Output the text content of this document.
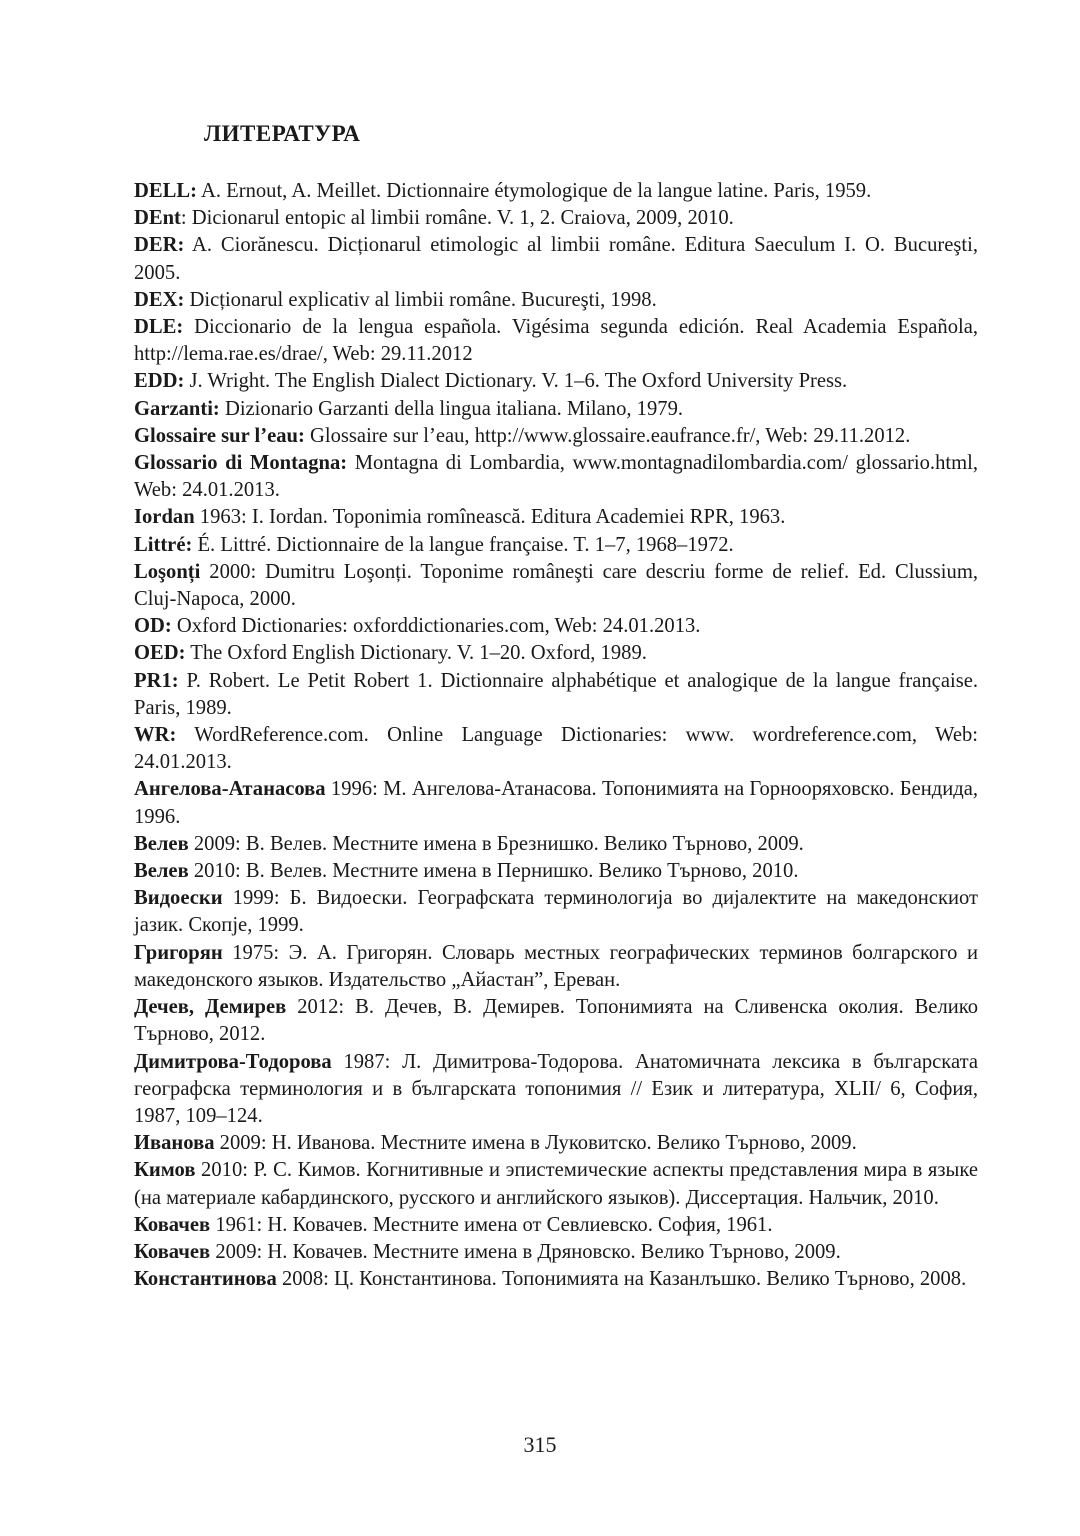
ЛИТЕРАТУРА
DELL: A. Ernout, A. Meillet. Dictionnaire étymologique de la langue latine. Paris, 1959.
DEnt: Dicionarul entopic al limbii române. V. 1, 2. Craiova, 2009, 2010.
DER: A. Ciorănescu. Dicționarul etimologic al limbii române. Editura Saeculum I. O. Bucureşti, 2005.
DEX: Dicționarul explicativ al limbii române. Bucureşti, 1998.
DLE: Diccionario de la lengua española. Vigésima segunda edición. Real Academia Española, http://lema.rae.es/drae/, Web: 29.11.2012
EDD: J. Wright. The English Dialect Dictionary. V. 1–6. The Oxford University Press.
Garzanti: Dizionario Garzanti della lingua italiana. Milano, 1979.
Glossaire sur l’eau: Glossaire sur l’eau, http://www.glossaire.eaufrance.fr/, Web: 29.11.2012.
Glossario di Montagna: Montagna di Lombardia, www.montagnadilombardia.com/ glossario.html, Web: 24.01.2013.
Iordan 1963: I. Iordan. Toponimia romînească. Editura Academiei RPR, 1963.
Littré: É. Littré. Dictionnaire de la langue française. T. 1–7, 1968–1972.
Loşonți 2000: Dumitru Loşonți. Toponime româneşti care descriu forme de relief. Ed. Clussium, Cluj-Napoca, 2000.
OD: Oxford Dictionaries: oxforddictionaries.com, Web: 24.01.2013.
OED: The Oxford English Dictionary. V. 1–20. Oxford, 1989.
PR1: P. Robert. Le Petit Robert 1. Dictionnaire alphabétique et analogique de la langue française. Paris, 1989.
WR: WordReference.com. Online Language Dictionaries: www. wordreference.com, Web: 24.01.2013.
Ангелова-Атанасова 1996: М. Ангелова-Атанасова. Топонимията на Горнооряховско. Бендида, 1996.
Велев 2009: В. Велев. Местните имена в Брезнишко. Велико Търново, 2009.
Велев 2010: В. Велев. Местните имена в Пернишко. Велико Търново, 2010.
Видоески 1999: Б. Видоески. Географската терминологија во дијалектите на македонскиот јазик. Скопје, 1999.
Григорян 1975: Э. А. Григорян. Словарь местных географических терминов болгарского и македонского языков. Издательство „Айастан”, Ереван.
Дечев, Демирев 2012: В. Дечев, В. Демирев. Топонимията на Сливенска околия. Велико Търново, 2012.
Димитрова-Тодорова 1987: Л. Димитрова-Тодорова. Анатомичната лексика в българската географска терминология и в българската топонимия // Език и литература, XLII/ 6, София, 1987, 109–124.
Иванова 2009: Н. Иванова. Местните имена в Луковитско. Велико Търново, 2009.
Кимов 2010: Р. С. Кимов. Когнитивные и эпистемические аспекты представления мира в языке (на материале кабардинского, русского и английского языков). Диссертация. Нальчик, 2010.
Ковачев 1961: Н. Ковачев. Местните имена от Севлиевско. София, 1961.
Ковачев 2009: Н. Ковачев. Местните имена в Дряновско. Велико Търново, 2009.
Константинова 2008: Ц. Константинова. Топонимията на Казанлъшко. Велико Търново, 2008.

315
